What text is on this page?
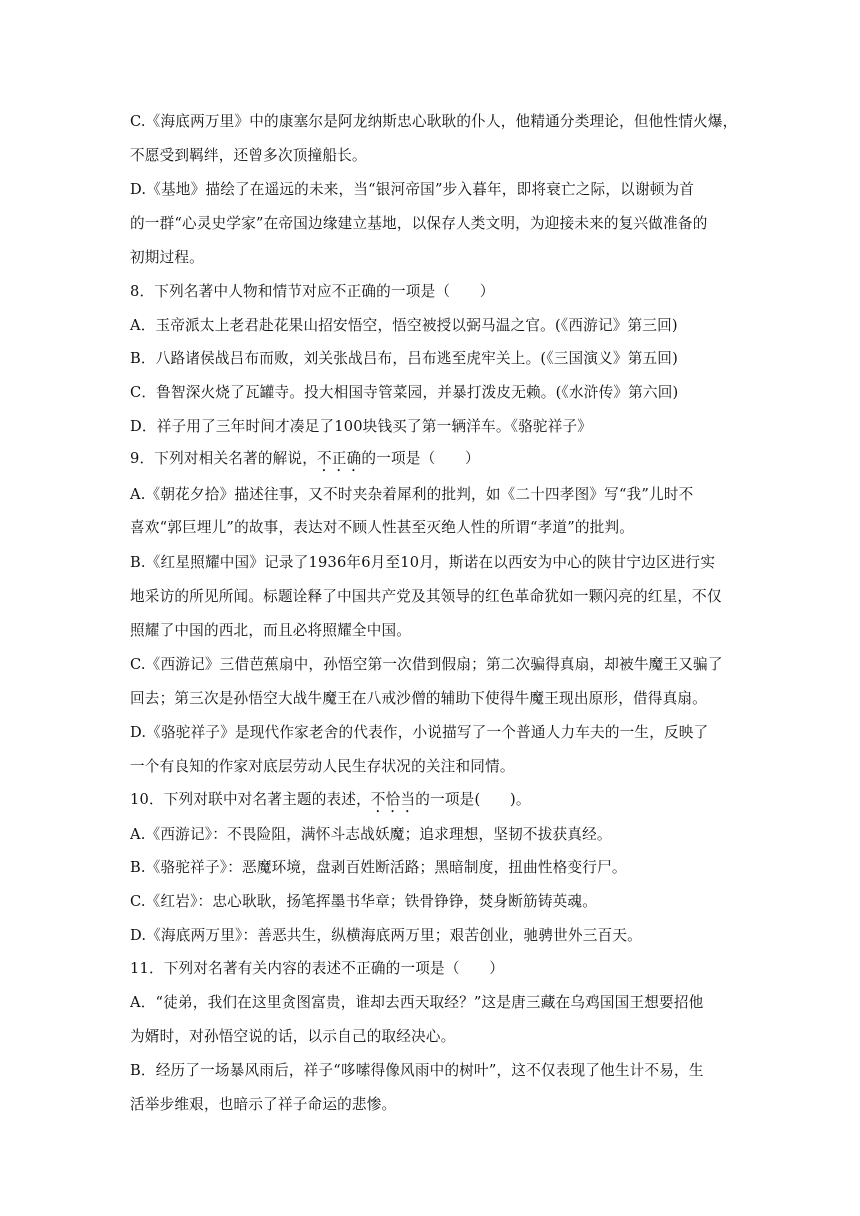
C.《海底两万里》中的康塞尔是阿龙纳斯忠心耿耿的仆人，他精通分类理论，但他性情火爆，
不愿受到羁绊，还曾多次顶撞船长。
D.《基地》描绘了在遥远的未来，当“银河帝国”步入暮年，即将衰亡之际，以谢顿为首
的一群“心灵史学家”在帝国边缘建立基地，以保存人类文明，为迎接未来的复兴做准备的
初期过程。
8．下列名著中人物和情节对应不正确的一项是（　　）
A．玉帝派太上老君赴花果山招安悟空，悟空被授以弼马温之官。(《西游记》第三回)
B．八路诸侯战吕布而败，刘关张战吕布，吕布逃至虎牢关上。(《三国演义》第五回)
C．鲁智深火烧了瓦罐寺。投大相国寺管菜园，并暴打泼皮无赖。(《水浒传》第六回)
D．祥子用了三年时间才凑足了100块钱买了第一辆洋车。《骆驼祥子》
9．下列对相关名著的解说，不正确的一项是（　　）
A.《朝花夕拾》描述往事，又不时夹杂着犀利的批判，如《二十四孝图》写“我”儿时不
喜欢“郭巨埋儿”的故事，表达对不顾人性甚至灭绝人性的所谓“孝道”的批判。
B.《红星照耀中国》记录了1936年6月至10月，斯诺在以西安为中心的陕甘宁边区进行实
地采访的所见所闻。标题诠释了中国共产党及其领导的红色革命犹如一颗闪亮的红星，不仅
照耀了中国的西北，而且必将照耀全中国。
C.《西游记》三借芭蕉扇中，孙悟空第一次借到假扇；第二次骗得真扇，却被牛魔王又骗了
回去；第三次是孙悟空大战牛魔王在八戒沙僧的辅助下使得牛魔王现出原形，借得真扇。
D.《骆驼祥子》是现代作家老舍的代表作，小说描写了一个普通人力车夫的一生，反映了
一个有良知的作家对底层劳动人民生存状况的关注和同情。
10．下列对联中对名著主题的表述，不恰当的一项是(　　)。
A.《西游记》：不畏险阻，满怀斗志战妖魔；追求理想，坚韧不拔获真经。
B.《骆驼祥子》：恶魔环境，盘剥百姓断活路；黑暗制度，扭曲性格变行尸。
C.《红岩》：忠心耿耿，扬笔挥墨书华章；铁骨铮铮，焚身断筋铸英魂。
D.《海底两万里》：善恶共生，纵横海底两万里；艰苦创业，驰骋世外三百天。
11．下列对名著有关内容的表述不正确的一项是（　　）
A．“徒弟，我们在这里贪图富贵，谁却去西天取经？”这是唐三藏在乌鸡国国王想要招他
为婿时，对孙悟空说的话，以示自己的取经决心。
B．经历了一场暴风雨后，祥子“哆嗦得像风雨中的树叶”，这不仅表现了他生计不易，生
活举步维艰，也暗示了祥子命运的悲惨。
